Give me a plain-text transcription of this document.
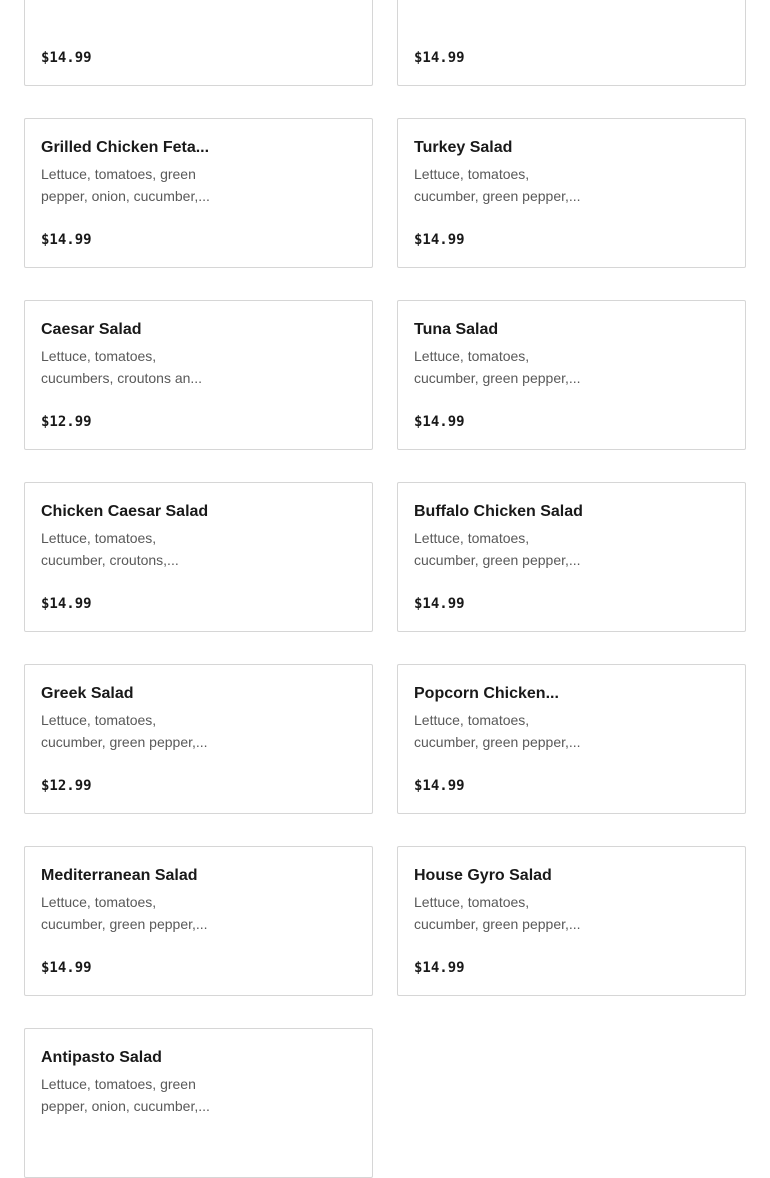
$14.99	$14.99
Grilled Chicken Feta...
Lettuce, tomatoes, green pepper, onion, cucumber,...
$14.99
Turkey Salad
Lettuce, tomatoes, cucumber, green pepper,...
$14.99
Caesar Salad
Lettuce, tomatoes, cucumbers, croutons an...
$12.99
Tuna Salad
Lettuce, tomatoes, cucumber, green pepper,...
$14.99
Chicken Caesar Salad
Lettuce, tomatoes, cucumber, croutons,...
$14.99
Buffalo Chicken Salad
Lettuce, tomatoes, cucumber, green pepper,...
$14.99
Greek Salad
Lettuce, tomatoes, cucumber, green pepper,...
$12.99
Popcorn Chicken...
Lettuce, tomatoes, cucumber, green pepper,...
$14.99
Mediterranean Salad
Lettuce, tomatoes, cucumber, green pepper,...
$14.99
House Gyro Salad
Lettuce, tomatoes, cucumber, green pepper,...
$14.99
Antipasto Salad
Lettuce, tomatoes, green pepper, onion, cucumber,...
